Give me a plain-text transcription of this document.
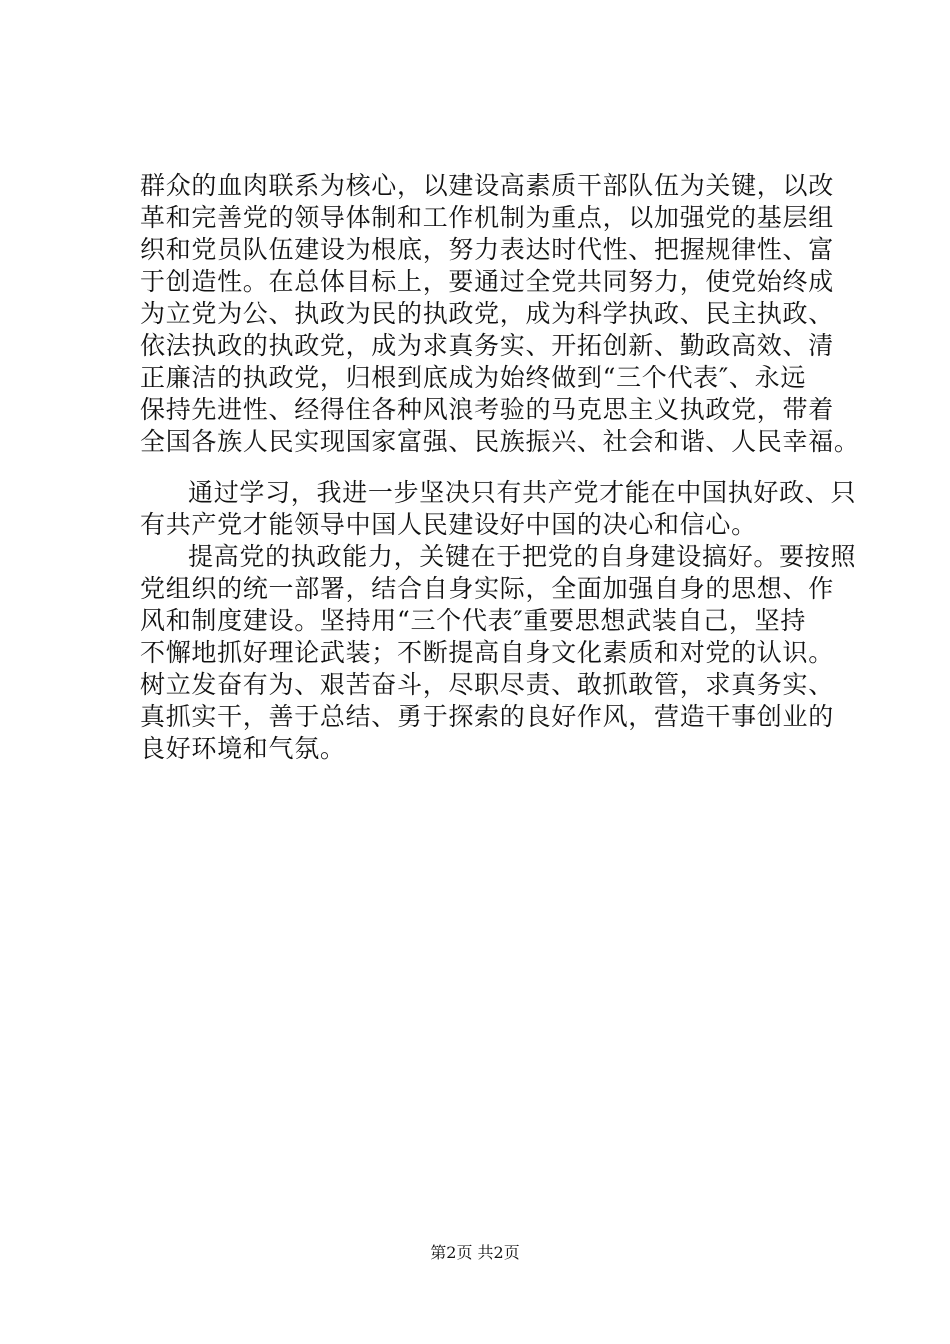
群众的血肉联系为核心，以建设高素质干部队伍为关键，以改
革和完善党的领导体制和工作机制为重点，以加强党的基层组
织和党员队伍建设为根底，努力表达时代性、把握规律性、富
于创造性。在总体目标上，要通过全党共同努力，使党始终成
为立党为公、执政为民的执政党，成为科学执政、民主执政、
依法执政的执政党，成为求真务实、开拓创新、勤政高效、清
正廉洁的执政党，归根到底成为始终做到“三个代表″、永远
保持先进性、经得住各种风浪考验的马克思主义执政党，带着
全国各族人民实现国家富强、民族振兴、社会和谐、人民幸福。
通过学习，我进一步坚决只有共产党才能在中国执好政、只
有共产党才能领导中国人民建设好中国的决心和信心。
提高党的执政能力，关键在于把党的自身建设搞好。要按照
党组织的统一部署，结合自身实际，全面加强自身的思想、作
风和制度建设。坚持用“三个代表″重要思想武装自己，坚持
不懈地抓好理论武装；不断提高自身文化素质和对党的认识。
树立发奋有为、艰苦奋斗，尽职尽责、敢抓敢管，求真务实、
真抓实干，善于总结、勇于探索的良好作风，营造干事创业的
良好环境和气氛。
第2页 共2页
